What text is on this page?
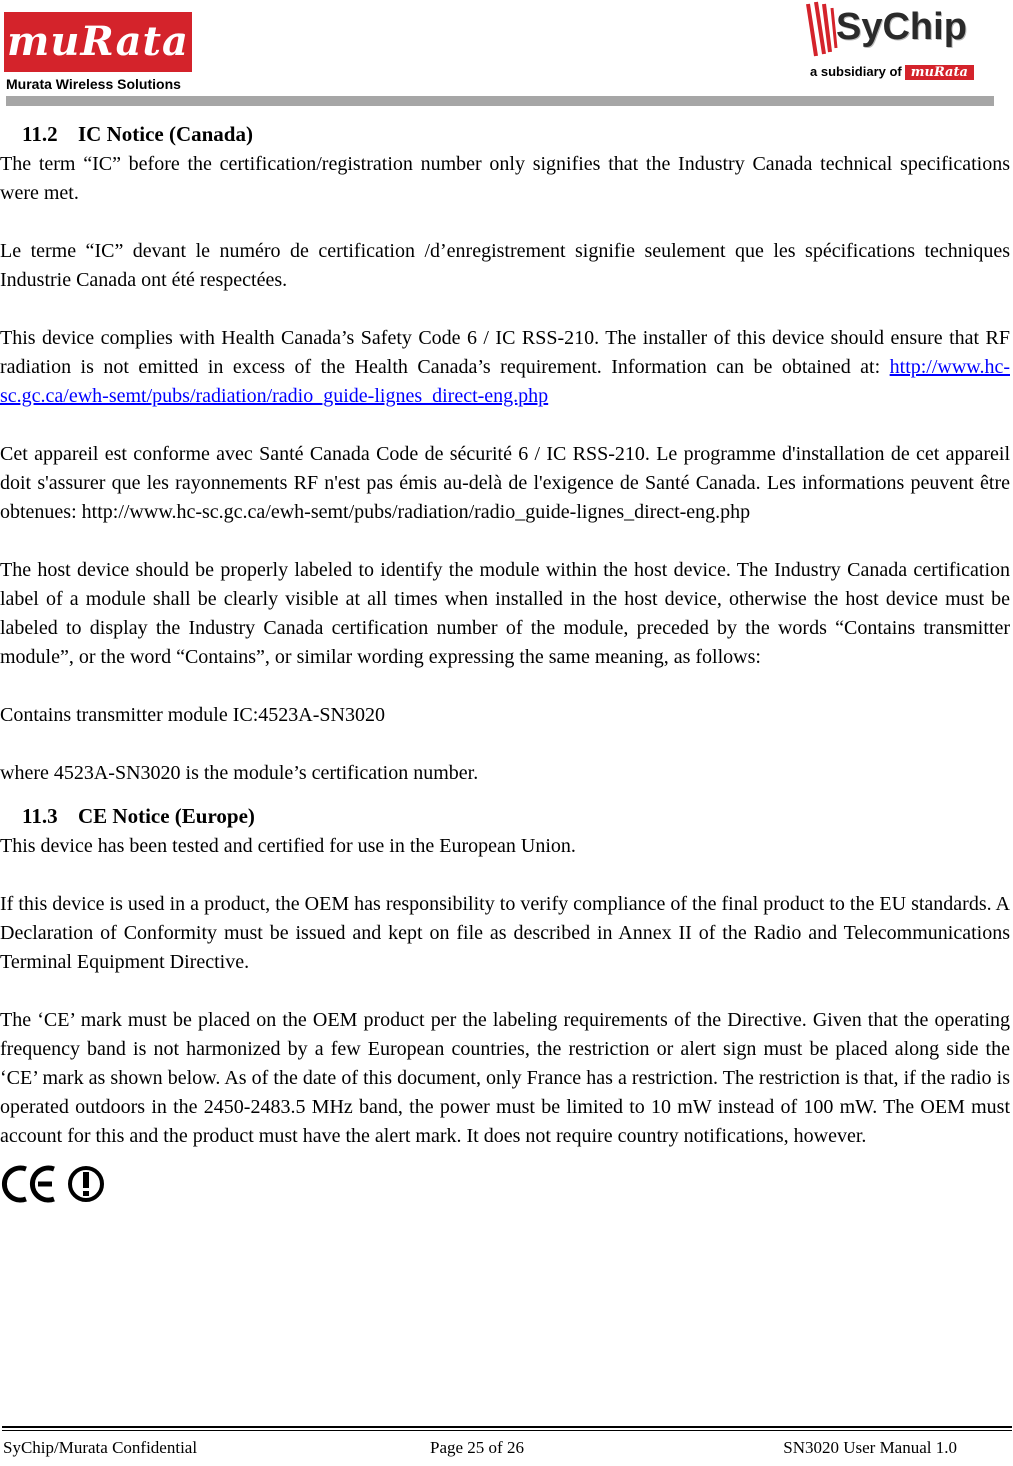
muRata
Murata Wireless Solutions
SyChip
a subsidiary of muRata
11.2 IC Notice (Canada)

The term “IC” before the certification/registration number only signifies that the Industry Canada technical specifications were met.

Le terme “IC” devant le numéro de certification /d’enregistrement signifie seulement que les spécifications techniques Industrie Canada ont été respectées.

This device complies with Health Canada’s Safety Code 6 / IC RSS-210. The installer of this device should ensure that RF radiation is not emitted in excess of the Health Canada’s requirement. Information can be obtained at: http://www.hc-sc.gc.ca/ewh-semt/pubs/radiation/radio_guide-lignes_direct-eng.php

Cet appareil est conforme avec Santé Canada Code de sécurité 6 / IC RSS-210. Le programme d'installation de cet appareil doit s'assurer que les rayonnements RF n'est pas émis au-delà de l'exigence de Santé Canada. Les informations peuvent être obtenues: http://www.hc-sc.gc.ca/ewh-semt/pubs/radiation/radio_guide-lignes_direct-eng.php

The host device should be properly labeled to identify the module within the host device. The Industry Canada certification label of a module shall be clearly visible at all times when installed in the host device, otherwise the host device must be labeled to display the Industry Canada certification number of the module, preceded by the words “Contains transmitter module”, or the word “Contains”, or similar wording expressing the same meaning, as follows:

Contains transmitter module IC:4523A-SN3020

where 4523A-SN3020 is the module’s certification number.

11.3 CE Notice (Europe)

This device has been tested and certified for use in the European Union.

If this device is used in a product, the OEM has responsibility to verify compliance of the final product to the EU standards. A Declaration of Conformity must be issued and kept on file as described in Annex II of the Radio and Telecommunications Terminal Equipment Directive.

The ‘CE’ mark must be placed on the OEM product per the labeling requirements of the Directive. Given that the operating frequency band is not harmonized by a few European countries, the restriction or alert sign must be placed along side the ‘CE’ mark as shown below. As of the date of this document, only France has a restriction. The restriction is that, if the radio is operated outdoors in the 2450-2483.5 MHz band, the power must be limited to 10 mW instead of 100 mW. The OEM must account for this and the product must have the alert mark. It does not require country notifications, however.

SyChip/Murata Confidential	Page 25 of 26	SN3020 User Manual 1.0
